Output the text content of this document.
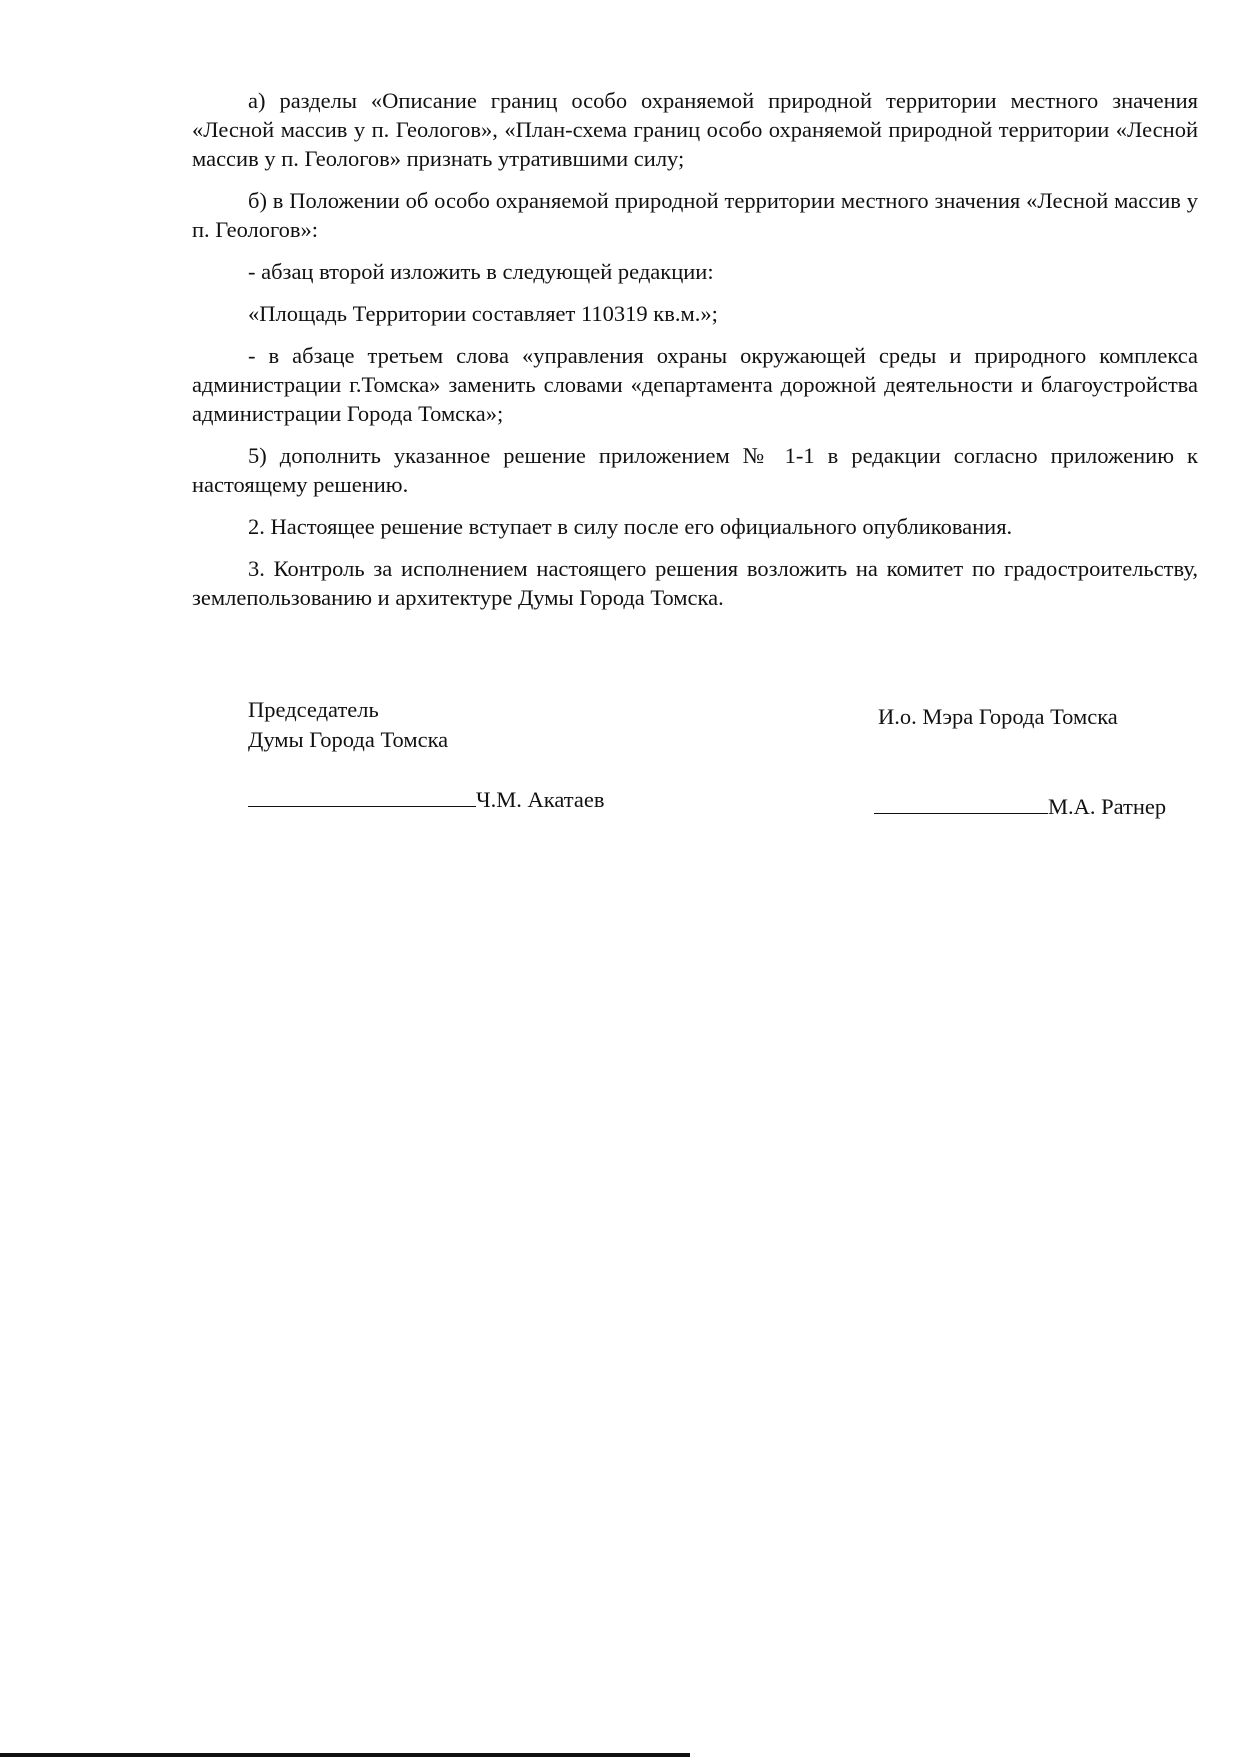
а) разделы «Описание границ особо охраняемой природной территории местного значения «Лесной массив у п. Геологов», «План-схема границ особо охраняемой природной территории «Лесной массив у п. Геологов» признать утратившими силу;

б) в Положении об особо охраняемой природной территории местного значения «Лесной массив у п. Геологов»:

- абзац второй изложить в следующей редакции:

«Площадь Территории составляет 110319 кв.м.»;

- в абзаце третьем слова «управления охраны окружающей среды и природного комплекса администрации г.Томска» заменить словами «департамента дорожной деятельности и благоустройства администрации Города Томска»;

5) дополнить указанное решение приложением № 1-1 в редакции согласно приложению к настоящему решению.

2. Настоящее решение вступает в силу после его официального опубликования.

3. Контроль за исполнением настоящего решения возложить на комитет по градостроительству, землепользованию и архитектуре Думы Города Томска.

Председатель
Думы Города Томска
И.о. Мэра Города Томска
Ч.М. Акатаев	М.А. Ратнер
